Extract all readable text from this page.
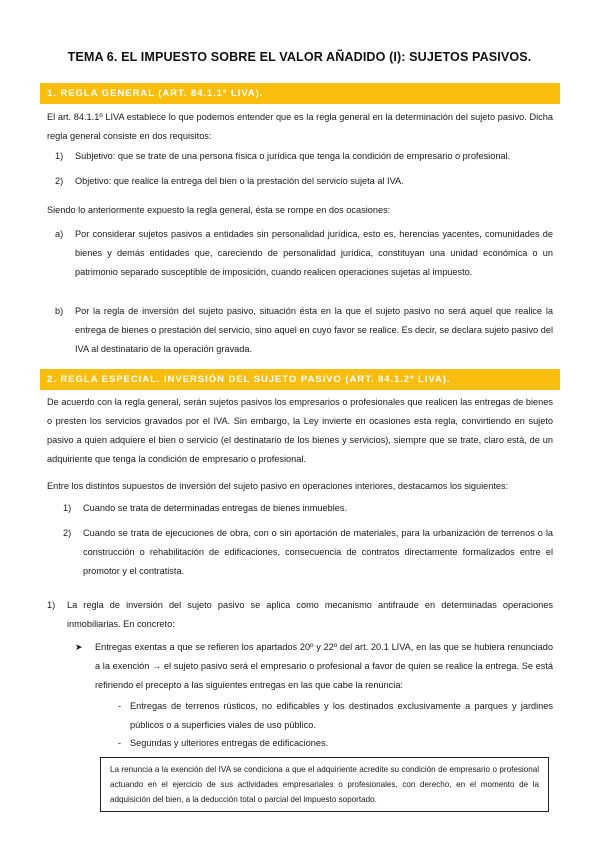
TEMA 6. EL IMPUESTO SOBRE EL VALOR AÑADIDO (I): SUJETOS PASIVOS.
1. REGLA GENERAL (ART. 84.1.1º LIVA).
El art. 84.1.1º LIVA establece lo que podemos entender que es la regla general en la determinación del sujeto pasivo. Dicha regla general consiste en dos requisitos:
1) Subjetivo: que se trate de una persona física o jurídica que tenga la condición de empresario o profesional.
2) Objetivo: que realice la entrega del bien o la prestación del servicio sujeta al IVA.
Siendo lo anteriormente expuesto la regla general, ésta se rompe en dos ocasiones:
a) Por considerar sujetos pasivos a entidades sin personalidad jurídica, esto es, herencias yacentes, comunidades de bienes y demás entidades que, careciendo de personalidad jurídica, constituyan una unidad económica o un patrimonio separado susceptible de imposición, cuando realicen operaciones sujetas al impuesto.
b) Por la regla de inversión del sujeto pasivo, situación ésta en la que el sujeto pasivo no será aquel que realice la entrega de bienes o prestación del servicio, sino aquel en cuyo favor se realice. Es decir, se declara sujeto pasivo del IVA al destinatario de la operación gravada.
2. REGLA ESPECIAL. INVERSIÓN DEL SUJETO PASIVO (ART. 84.1.2º LIVA).
De acuerdo con la regla general, serán sujetos pasivos los empresarios o profesionales que realicen las entregas de bienes o presten los servicios gravados por el IVA. Sin embargo, la Ley invierte en ocasiones esta regla, convirtiendo en sujeto pasivo a quien adquiere el bien o servicio (el destinatario de los bienes y servicios), siempre que se trate, claro está, de un adquiriente que tenga la condición de empresario o profesional.
Entre los distintos supuestos de inversión del sujeto pasivo en operaciones interiores, destacamos los siguientes:
1) Cuando se trata de determinadas entregas de bienes inmuebles.
2) Cuando se trata de ejecuciones de obra, con o sin aportación de materiales, para la urbanización de terrenos o la construcción o rehabilitación de edificaciones, consecuencia de contratos directamente formalizados entre el promotor y el contratista.
1) La regla de inversión del sujeto pasivo se aplica como mecanismo antifraude en determinadas operaciones inmobiliarias. En concreto:
➤ Entregas exentas a que se refieren los apartados 20º y 22º del art. 20.1 LIVA, en las que se hubiera renunciado a la exención → el sujeto pasivo será el empresario o profesional a favor de quien se realice la entrega. Se está refiriendo el precepto a las siguientes entregas en las que cabe la renuncia:
- Entregas de terrenos rústicos, no edificables y los destinados exclusivamente a parques y jardines públicos o a superficies viales de uso público.
- Segundas y ulteriores entregas de edificaciones.
La renuncia a la exención del IVA se condiciona a que el adquiriente acredite su condición de empresario o profesional actuando en el ejercicio de sus actividades empresariales o profesionales, con derecho, en el momento de la adquisición del bien, a la deducción total o parcial del impuesto soportado.
